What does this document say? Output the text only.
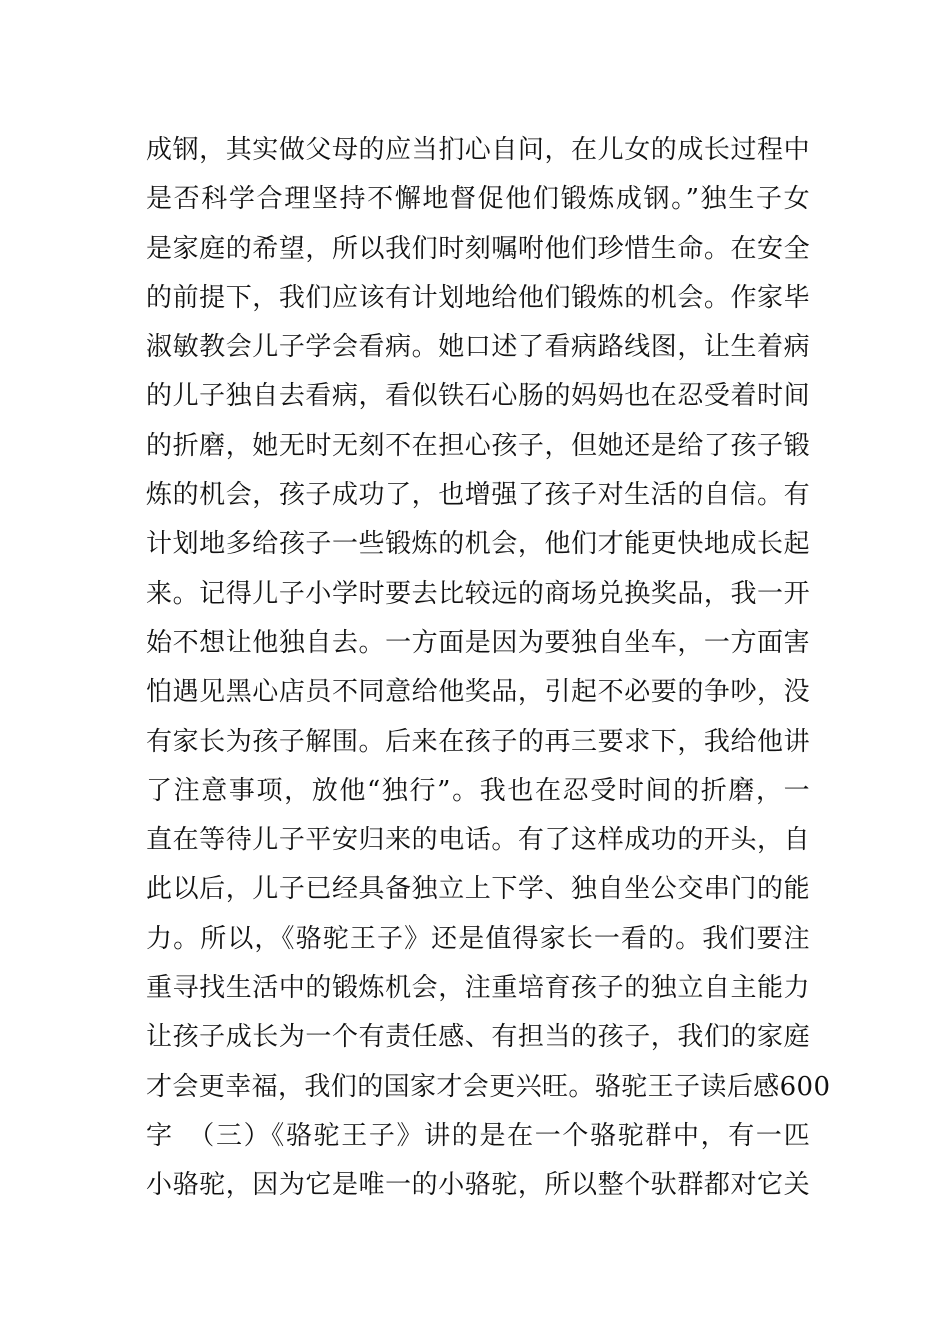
成钢，其实做父母的应当扪心自问，在儿女的成长过程中
是否科学合理坚持不懈地督促他们锻炼成钢。”独生子女
是家庭的希望，所以我们时刻嘱咐他们珍惜生命。在安全
的前提下，我们应该有计划地给他们锻炼的机会。作家毕
淑敏教会儿子学会看病。她口述了看病路线图，让生着病
的儿子独自去看病，看似铁石心肠的妈妈也在忍受着时间
的折磨，她无时无刻不在担心孩子，但她还是给了孩子锻
炼的机会，孩子成功了，也增强了孩子对生活的自信。有
计划地多给孩子一些锻炼的机会，他们才能更快地成长起
来。记得儿子小学时要去比较远的商场兑换奖品，我一开
始不想让他独自去。一方面是因为要独自坐车，一方面害
怕遇见黑心店员不同意给他奖品，引起不必要的争吵，没
有家长为孩子解围。后来在孩子的再三要求下，我给他讲
了注意事项，放他“独行”。我也在忍受时间的折磨，一
直在等待儿子平安归来的电话。有了这样成功的开头，自
此以后，儿子已经具备独立上下学、独自坐公交串门的能
力。所以，《骆驼王子》还是值得家长一看的。我们要注
重寻找生活中的锻炼机会，注重培育孩子的独立自主能力
让孩子成长为一个有责任感、有担当的孩子，我们的家庭
才会更幸福，我们的国家才会更兴旺。骆驼王子读后感600
字　（三）《骆驼王子》讲的是在一个骆驼群中，有一匹
小骆驼，因为它是唯一的小骆驼，所以整个驮群都对它关
